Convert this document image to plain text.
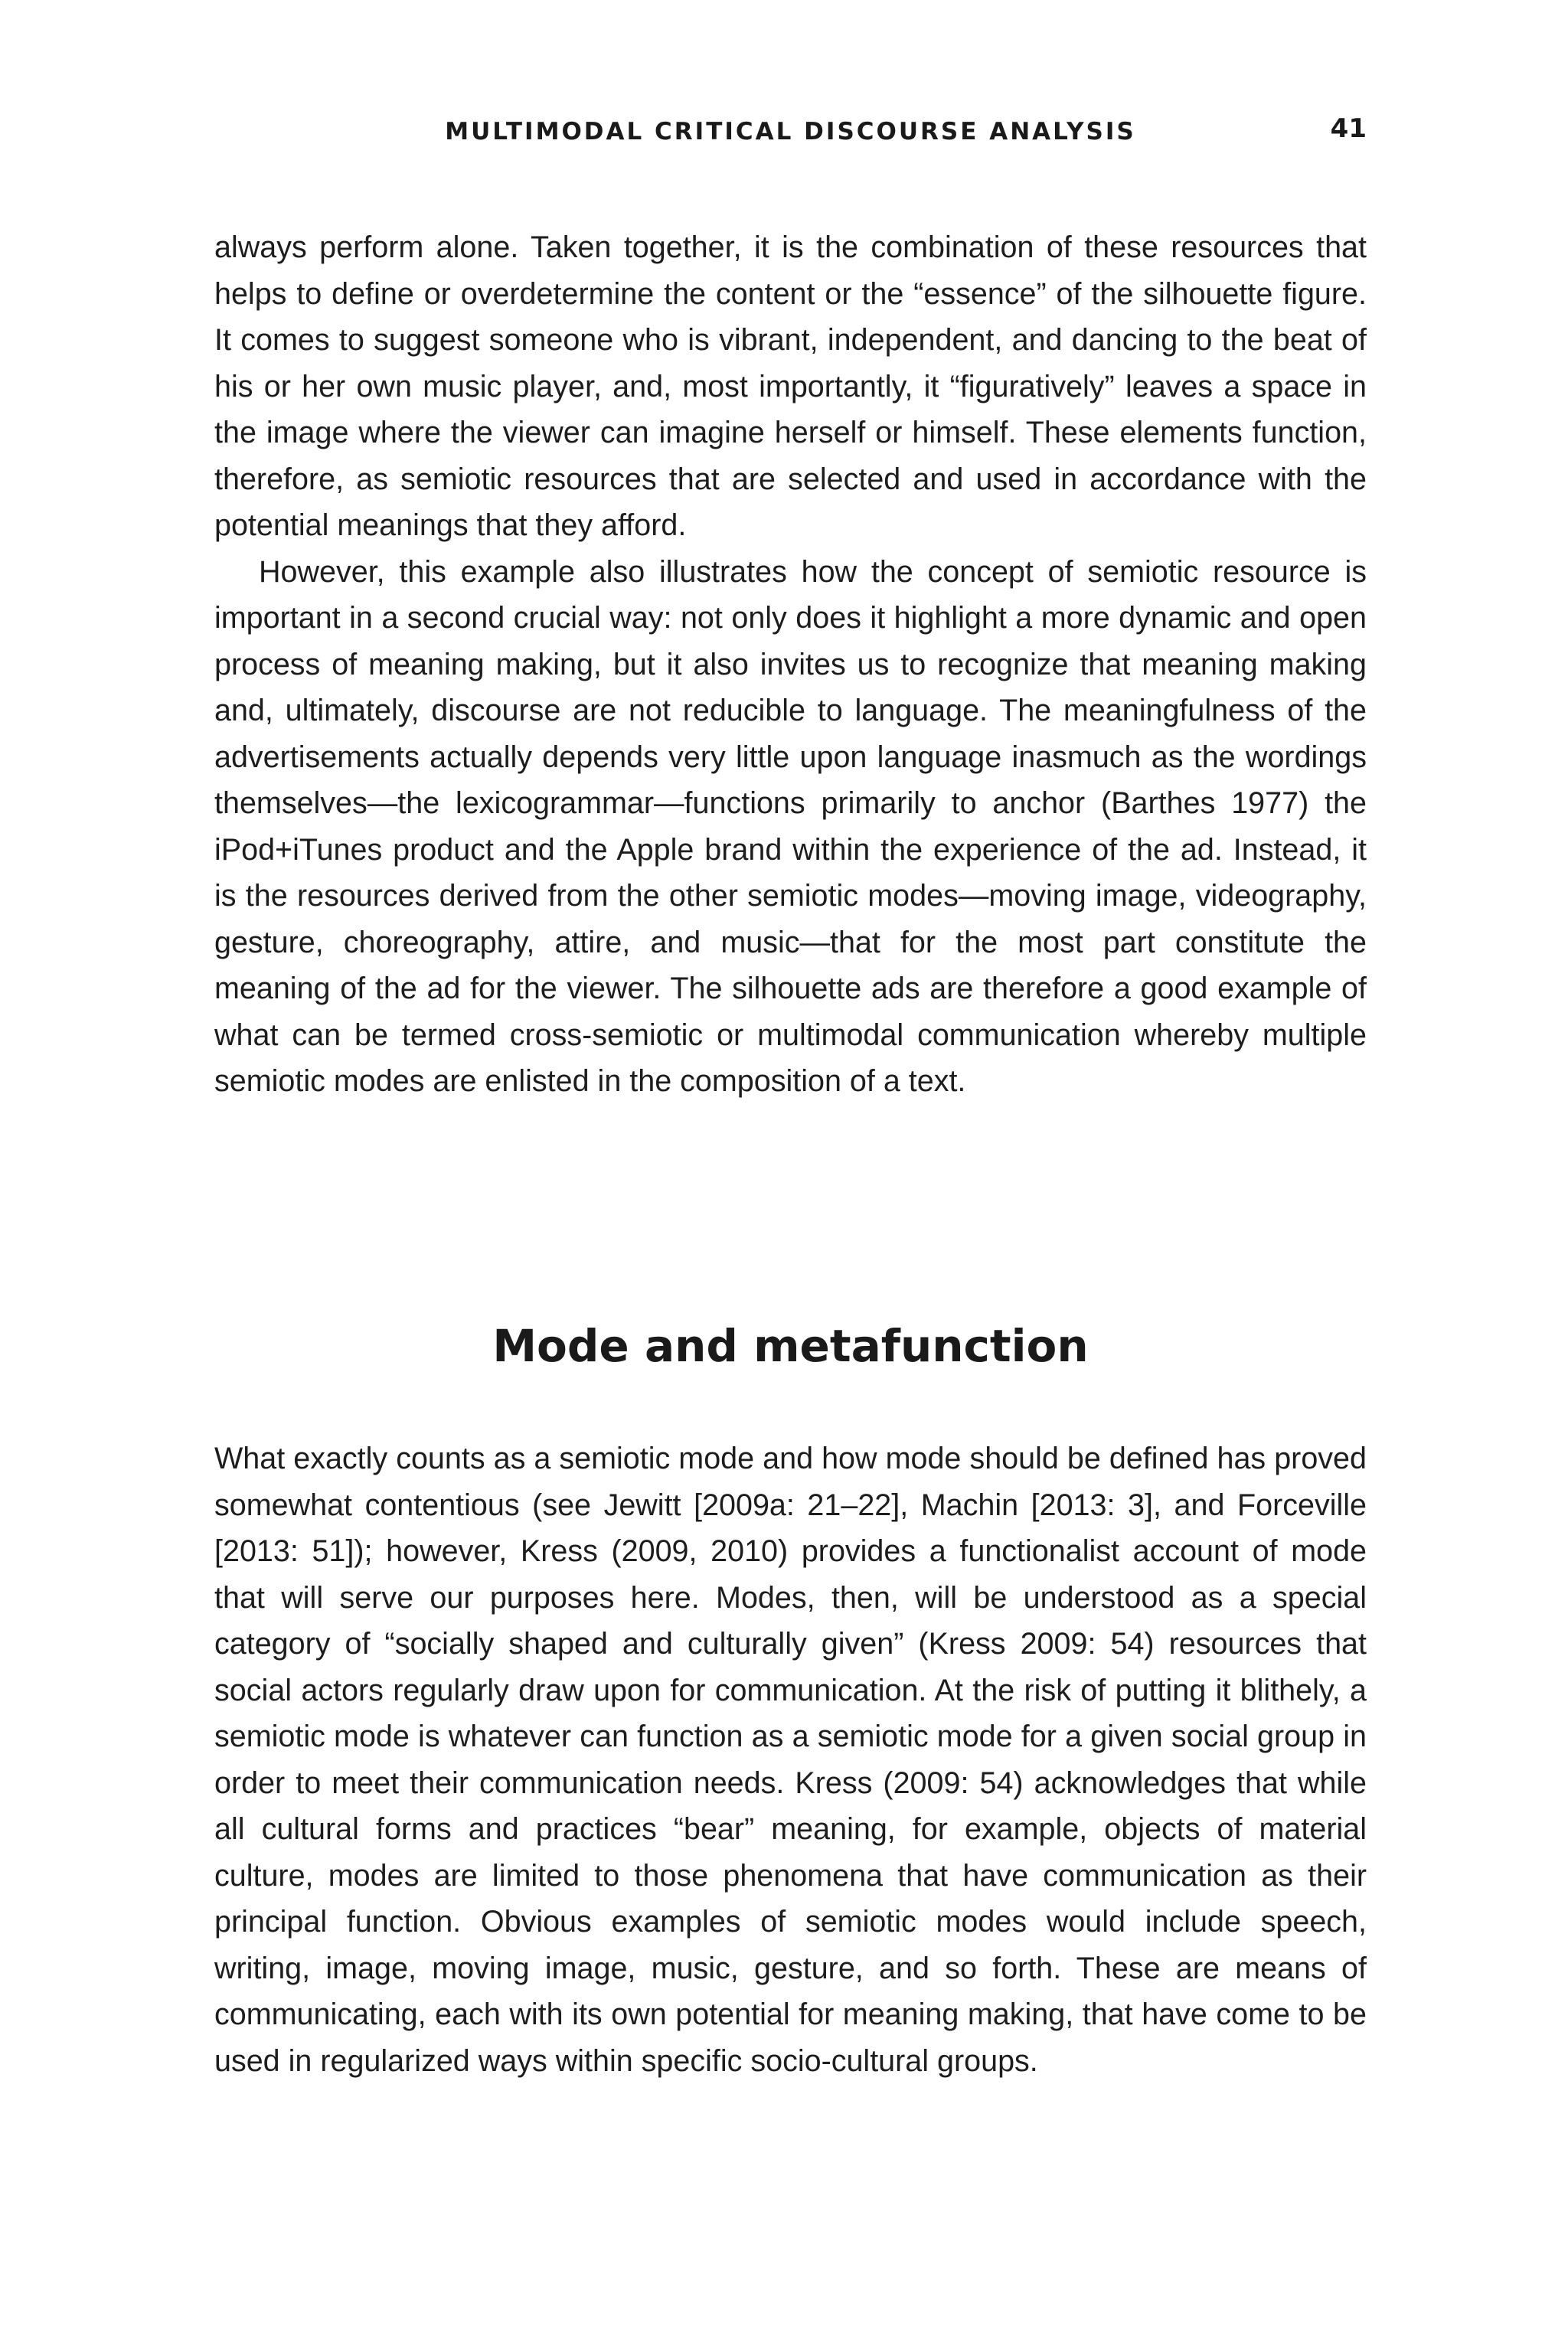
MULTIMODAL CRITICAL DISCOURSE ANALYSIS	41

always perform alone. Taken together, it is the combination of these resources that helps to define or overdetermine the content or the “essence” of the silhouette figure. It comes to suggest someone who is vibrant, independent, and dancing to the beat of his or her own music player, and, most importantly, it “figuratively” leaves a space in the image where the viewer can imagine herself or himself. These elements function, therefore, as semiotic resources that are selected and used in accordance with the potential meanings that they afford.

However, this example also illustrates how the concept of semiotic resource is important in a second crucial way: not only does it highlight a more dynamic and open process of meaning making, but it also invites us to recognize that meaning making and, ultimately, discourse are not reducible to language. The meaningfulness of the advertisements actually depends very little upon language inasmuch as the wordings themselves—the lexicogrammar—functions primarily to anchor (Barthes 1977) the iPod+iTunes product and the Apple brand within the experience of the ad. Instead, it is the resources derived from the other semiotic modes—moving image, videography, gesture, choreography, attire, and music—that for the most part constitute the meaning of the ad for the viewer. The silhouette ads are therefore a good example of what can be termed cross-semiotic or multimodal communication whereby multiple semiotic modes are enlisted in the composition of a text.

Mode and metafunction

What exactly counts as a semiotic mode and how mode should be defined has proved somewhat contentious (see Jewitt [2009a: 21–22], Machin [2013: 3], and Forceville [2013: 51]); however, Kress (2009, 2010) provides a functionalist account of mode that will serve our purposes here. Modes, then, will be understood as a special category of “socially shaped and culturally given” (Kress 2009: 54) resources that social actors regularly draw upon for communication. At the risk of putting it blithely, a semiotic mode is whatever can function as a semiotic mode for a given social group in order to meet their communication needs. Kress (2009: 54) acknowledges that while all cultural forms and practices “bear” meaning, for example, objects of material culture, modes are limited to those phenomena that have communication as their principal function. Obvious examples of semiotic modes would include speech, writing, image, moving image, music, gesture, and so forth. These are means of communicating, each with its own potential for meaning making, that have come to be used in regularized ways within specific socio-cultural groups.
